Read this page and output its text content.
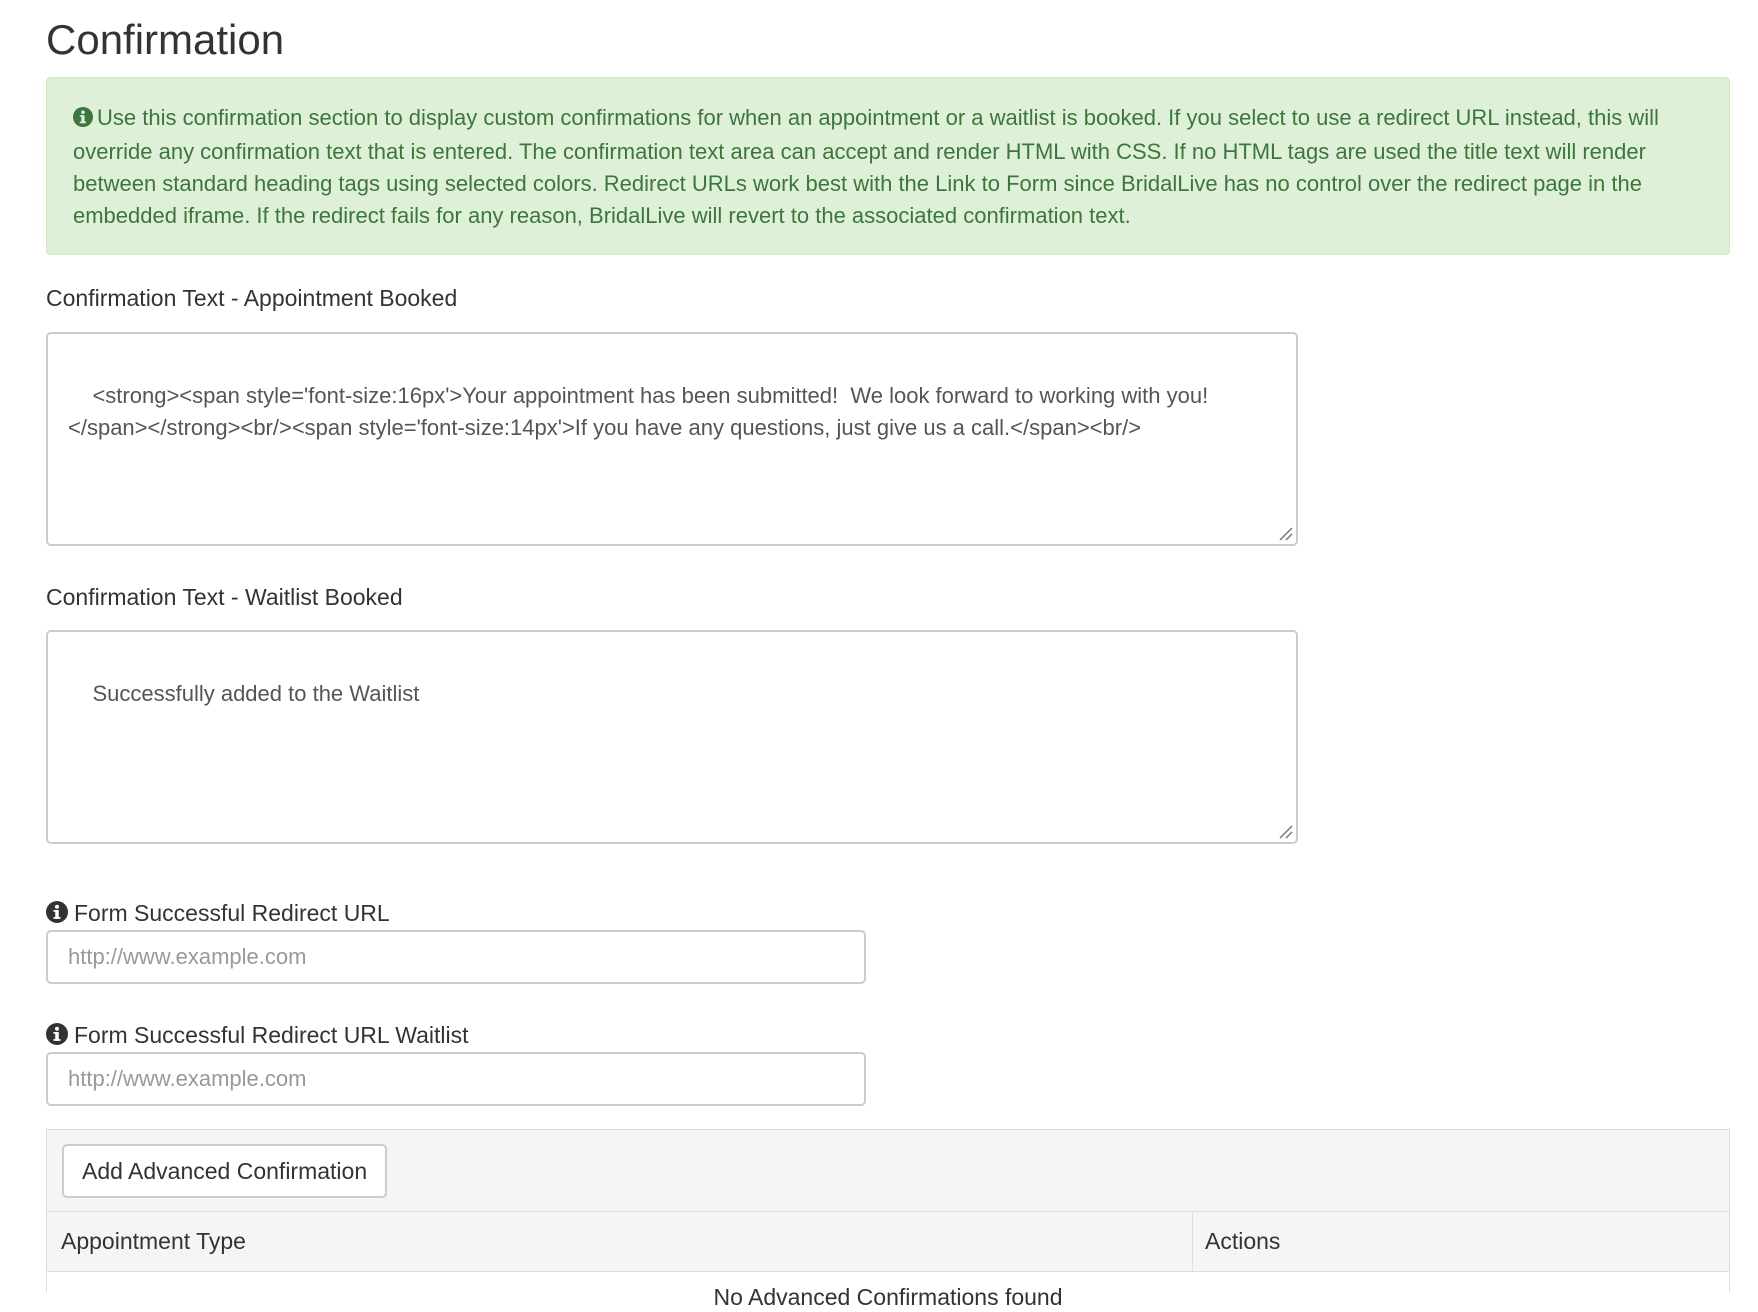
Confirmation
Use this confirmation section to display custom confirmations for when an appointment or a waitlist is booked. If you select to use a redirect URL instead, this will override any confirmation text that is entered. The confirmation text area can accept and render HTML with CSS. If no HTML tags are used the title text will render between standard heading tags using selected colors. Redirect URLs work best with the Link to Form since BridalLive has no control over the redirect page in the embedded iframe. If the redirect fails for any reason, BridalLive will revert to the associated confirmation text.
Confirmation Text - Appointment Booked

<strong><span style='font-size:16px'>Your appointment has been submitted!  We look forward to working with you!</span></strong><br/><span style='font-size:14px'>If you have any questions, just give us a call.</span><br/>

Confirmation Text - Waitlist Booked

Successfully added to the Waitlist

Form Successful Redirect URL
http://www.example.com
Form Successful Redirect URL Waitlist
http://www.example.com
Add Advanced Confirmation
Appointment Type	Actions
No Advanced Confirmations found
